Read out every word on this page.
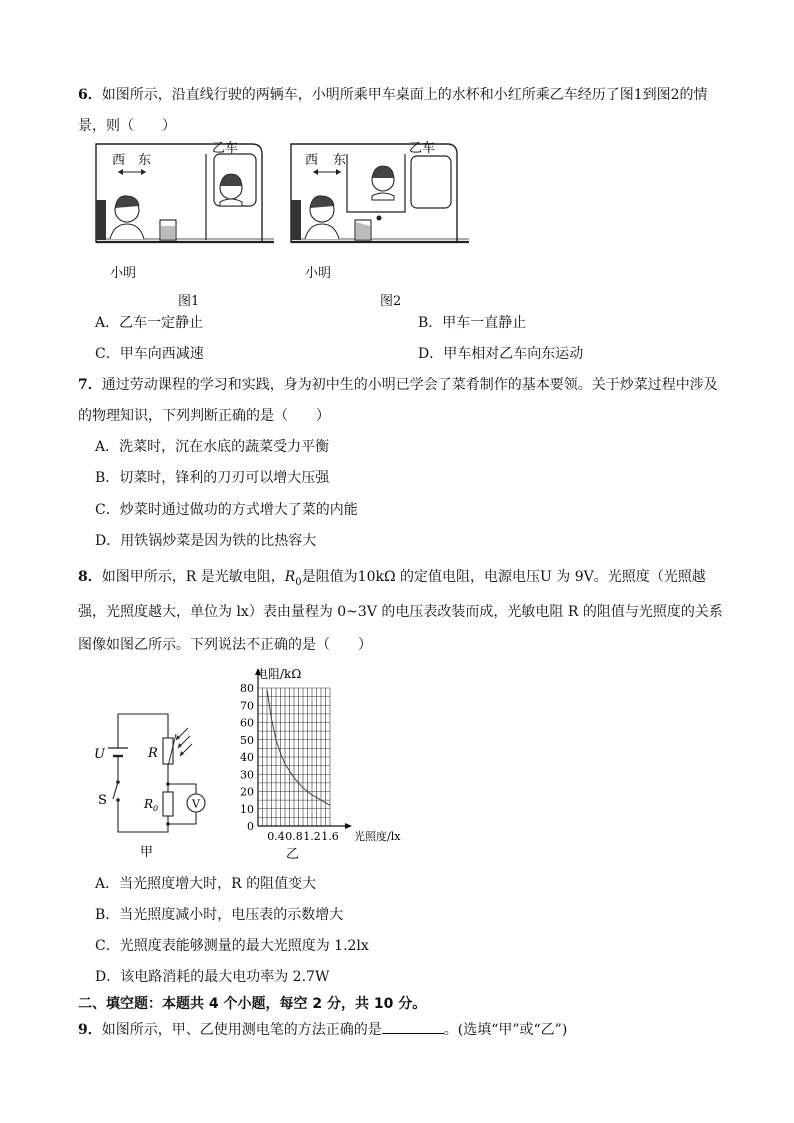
6．如图所示，沿直线行驶的两辆车，小明所乘甲车桌面上的水杯和小红所乘乙车经历了图1到图2的情
景，则（　　）
西 东
乙车
小明
图1
西 东
乙车
小明
图2
A．乙车一定静止	B．甲车一直静止
C．甲车向西减速	D．甲车相对乙车向东运动
7．通过劳动课程的学习和实践，身为初中生的小明已学会了菜肴制作的基本要领。关于炒菜过程中涉及
的物理知识，下列判断正确的是（　　）
A．洗菜时，沉在水底的蔬菜受力平衡
B．切菜时，锋利的刀刃可以增大压强
C．炒菜时通过做功的方式增大了菜的内能
D．用铁锅炒菜是因为铁的比热容大
8．如图甲所示，R 是光敏电阻，$R_0$是阻值为10kΩ 的定值电阻，电源电压U 为 9V。光照度（光照越
强，光照度越大，单位为 lx）表由量程为 0~3V 的电压表改装而成，光敏电阻 R 的阻值与光照度的关系
图像如图乙所示。下列说法不正确的是（　　）
V
U	R
S	$R_0$
甲
0
10
20
30
40
50
60
70
80
0.4 0.8 1.2 1.6
电阻/kΩ
光照度/lx
乙
A．当光照度增大时，R 的阻值变大
B．当光照度减小时，电压表的示数增大
C．光照度表能够测量的最大光照度为 1.2lx
D．该电路消耗的最大电功率为 2.7W
二、填空题：本题共 4 个小题，每空 2 分，共 10 分。
9．如图所示，甲、乙使用测电笔的方法正确的是	。(选填“甲”或“乙”)
